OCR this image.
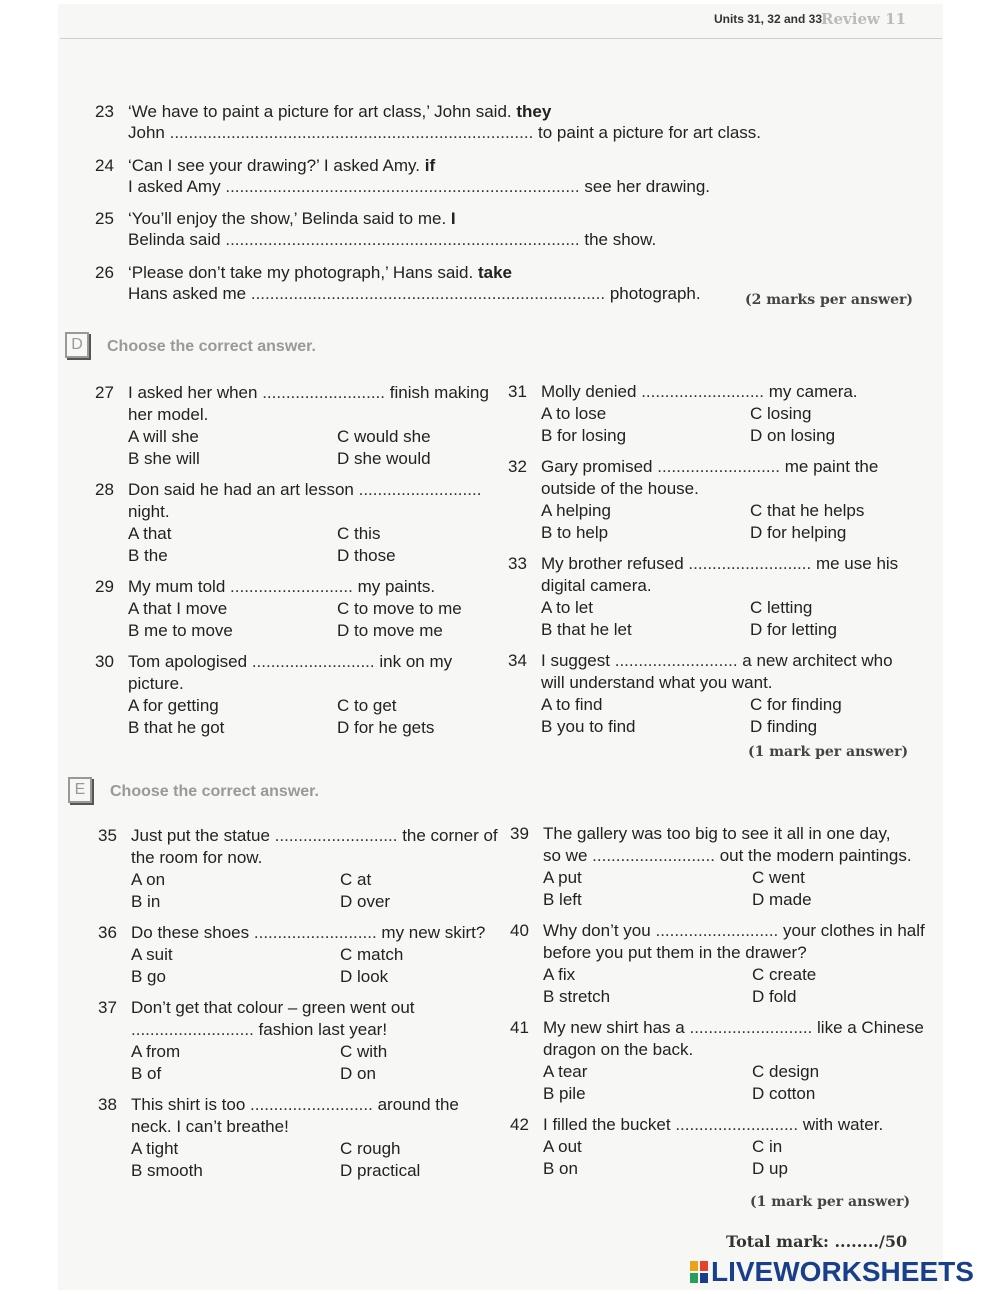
Units 31, 32 and 33 Review 11
23 ‘We have to paint a picture for art class,’ John said. they
John ............................................................................. to paint a picture for art class.
24 ‘Can I see your drawing?’ I asked Amy. if
I asked Amy ........................................................................... see her drawing.
25 ‘You’ll enjoy the show,’ Belinda said to me. I
Belinda said ........................................................................... the show.
26 ‘Please don’t take my photograph,’ Hans said. take
Hans asked me ........................................................................... photograph.	(2 marks per answer)
D	Choose the correct answer.
27 I asked her when .......................... finish making
her model.
A will she	C would she
B she will	D she would
28 Don said he had an art lesson ..........................
night.
A that	C this
B the	D those
29 My mum told .......................... my paints.
A that I move	C to move to me
B me to move	D to move me
30 Tom apologised .......................... ink on my
picture.
A for getting	C to get
B that he got	D for he gets
31 Molly denied .......................... my camera.
A to lose	C losing
B for losing	D on losing
32 Gary promised .......................... me paint the
outside of the house.
A helping	C that he helps
B to help	D for helping
33 My brother refused .......................... me use his
digital camera.
A to let	C letting
B that he let	D for letting
34 I suggest .......................... a new architect who
will understand what you want.
A to find	C for finding
B you to find	D finding
(1 mark per answer)
E	Choose the correct answer.
35 Just put the statue .......................... the corner of
the room for now.
A on	C at
B in	D over
36 Do these shoes .......................... my new skirt?
A suit	C match
B go	D look
37 Don’t get that colour – green went out
.......................... fashion last year!
A from	C with
B of	D on
38 This shirt is too .......................... around the
neck. I can’t breathe!
A tight	C rough
B smooth	D practical
39 The gallery was too big to see it all in one day,
so we .......................... out the modern paintings.
A put	C went
B left	D made
40 Why don’t you .......................... your clothes in half
before you put them in the drawer?
A fix	C create
B stretch	D fold
41 My new shirt has a .......................... like a Chinese
dragon on the back.
A tear	C design
B pile	D cotton
42 I filled the bucket .......................... with water.
A out	C in
B on	D up
(1 mark per answer)
Total mark: ......../50
LIVEWORKSHEETS
